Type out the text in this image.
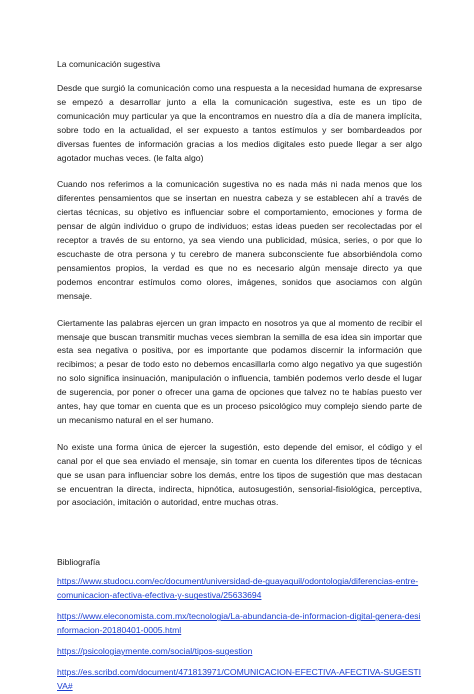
La comunicación sugestiva

Desde que surgió la comunicación como una respuesta a la necesidad humana de expresarse se empezó a desarrollar junto a ella la comunicación sugestiva, este es un tipo de comunicación muy particular ya que la encontramos en nuestro día a día de manera implícita, sobre todo en la actualidad, el ser expuesto a tantos estímulos y ser bombardeados por diversas fuentes de información gracias a los medios digitales esto puede llegar a ser algo agotador muchas veces. (le falta algo)

Cuando nos referimos a la comunicación sugestiva no es nada más ni nada menos que los diferentes pensamientos que se insertan en nuestra cabeza y se establecen ahí a través de ciertas técnicas, su objetivo es influenciar sobre el comportamiento, emociones y forma de pensar de algún individuo o grupo de individuos; estas ideas pueden ser recolectadas por el receptor a través de su entorno, ya sea viendo una publicidad, música, series, o por que lo escuchaste de otra persona y tu cerebro de manera subconsciente fue absorbiéndola como pensamientos propios, la verdad es que no es necesario algún mensaje directo ya que podemos encontrar estímulos como olores, imágenes, sonidos que asociamos con algún mensaje.

Ciertamente las palabras ejercen un gran impacto en nosotros ya que al momento de recibir el mensaje que buscan transmitir muchas veces siembran la semilla de esa idea sin importar que esta sea negativa o positiva, por es importante que podamos discernir la información que recibimos; a pesar de todo esto no debemos encasillarla como algo negativo ya que sugestión no solo significa insinuación, manipulación o influencia, también podemos verlo desde el lugar de sugerencia, por poner o ofrecer una gama de opciones que talvez no te habías puesto ver antes, hay que tomar en cuenta que es un proceso psicológico muy complejo siendo parte de un mecanismo natural en el ser humano.

No existe una forma única de ejercer la sugestión, esto depende del emisor, el código y el canal por el que sea enviado el mensaje, sin tomar en cuenta los diferentes tipos de técnicas que se usan para influenciar sobre los demás, entre los tipos de sugestión que mas destacan se encuentran la directa, indirecta, hipnótica, autosugestión, sensorial-fisiológica, perceptiva, por asociación, imitación o autoridad, entre muchas otras.

Bibliografía
https://www.studocu.com/ec/document/universidad-de-guayaquil/odontologia/diferencias-entre-comunicacion-afectiva-efectiva-y-sugestiva/25633694
https://www.eleconomista.com.mx/tecnologia/La-abundancia-de-informacion-digital-genera-desinformacion-20180401-0005.html
https://psicologiaymente.com/social/tipos-sugestion
https://es.scribd.com/document/471813971/COMUNICACION-EFECTIVA-AFECTIVA-SUGESTIVA#
